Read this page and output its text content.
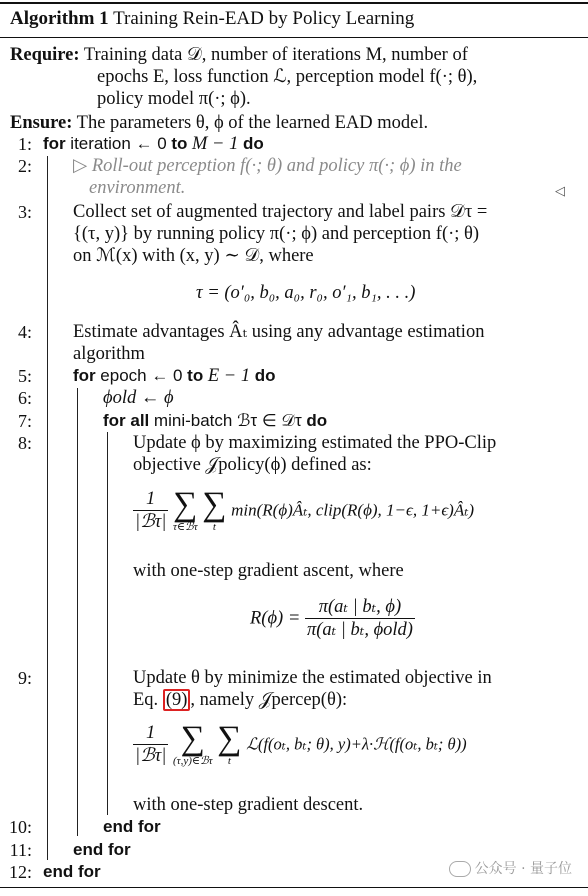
Algorithm 1 Training Rein-EAD by Policy Learning
Require: Training data 𝒟, number of iterations M, number of
epochs E, loss function ℒ, perception model f(·; θ),
policy model π(·; ϕ).
Ensure: The parameters θ, ϕ of the learned EAD model.
1:
2:
3:
4:
5:
6:
7:
8:
9:
10:
11:
12:
for iteration ← 0 to M − 1 do
▷ Roll-out perception f(·; θ) and policy π(·; ϕ) in the
environment.	◁
Collect set of augmented trajectory and label pairs 𝒟τ =
{(τ, y)} by running policy π(·; ϕ) and perception f(·; θ)
on ℳ(x) with (x, y) ∼ 𝒟, where
τ = (o′₀, b₀, a₀, r₀, o′₁, b₁, . . .)
Estimate advantages Âₜ using any advantage estimation
algorithm
for epoch ← 0 to E − 1 do
ϕold ← ϕ
for all mini-batch ℬτ ∈ 𝒟τ do
Update ϕ by maximizing estimated the PPO-Clip
objective 𝒥policy(ϕ) defined as:
$\frac{1}{\text{|ℬτ|}}$
∑
τ∈ℬτ

∑
t
min(R(ϕ)Âₜ, clip(R(ϕ), 1−ϵ, 1+ϵ)Âₜ)
with one-step gradient ascent, where
$R(\phi) = \frac{\text{π(aₜ | bₜ, ϕ)}}{\text{π(aₜ | bₜ, ϕold)}}$
Update θ by minimize the estimated objective in
Eq. (9) , namely 𝒥percep(θ):
$\frac{1}{\text{|ℬτ|}}$
∑
(τ,y)∈ℬτ

∑
t
ℒ(f(oₜ, bₜ; θ), y)+λ·ℋ(f(oₜ, bₜ; θ))
with one-step gradient descent.
end for
end for
end for	公众号 · 量子位
